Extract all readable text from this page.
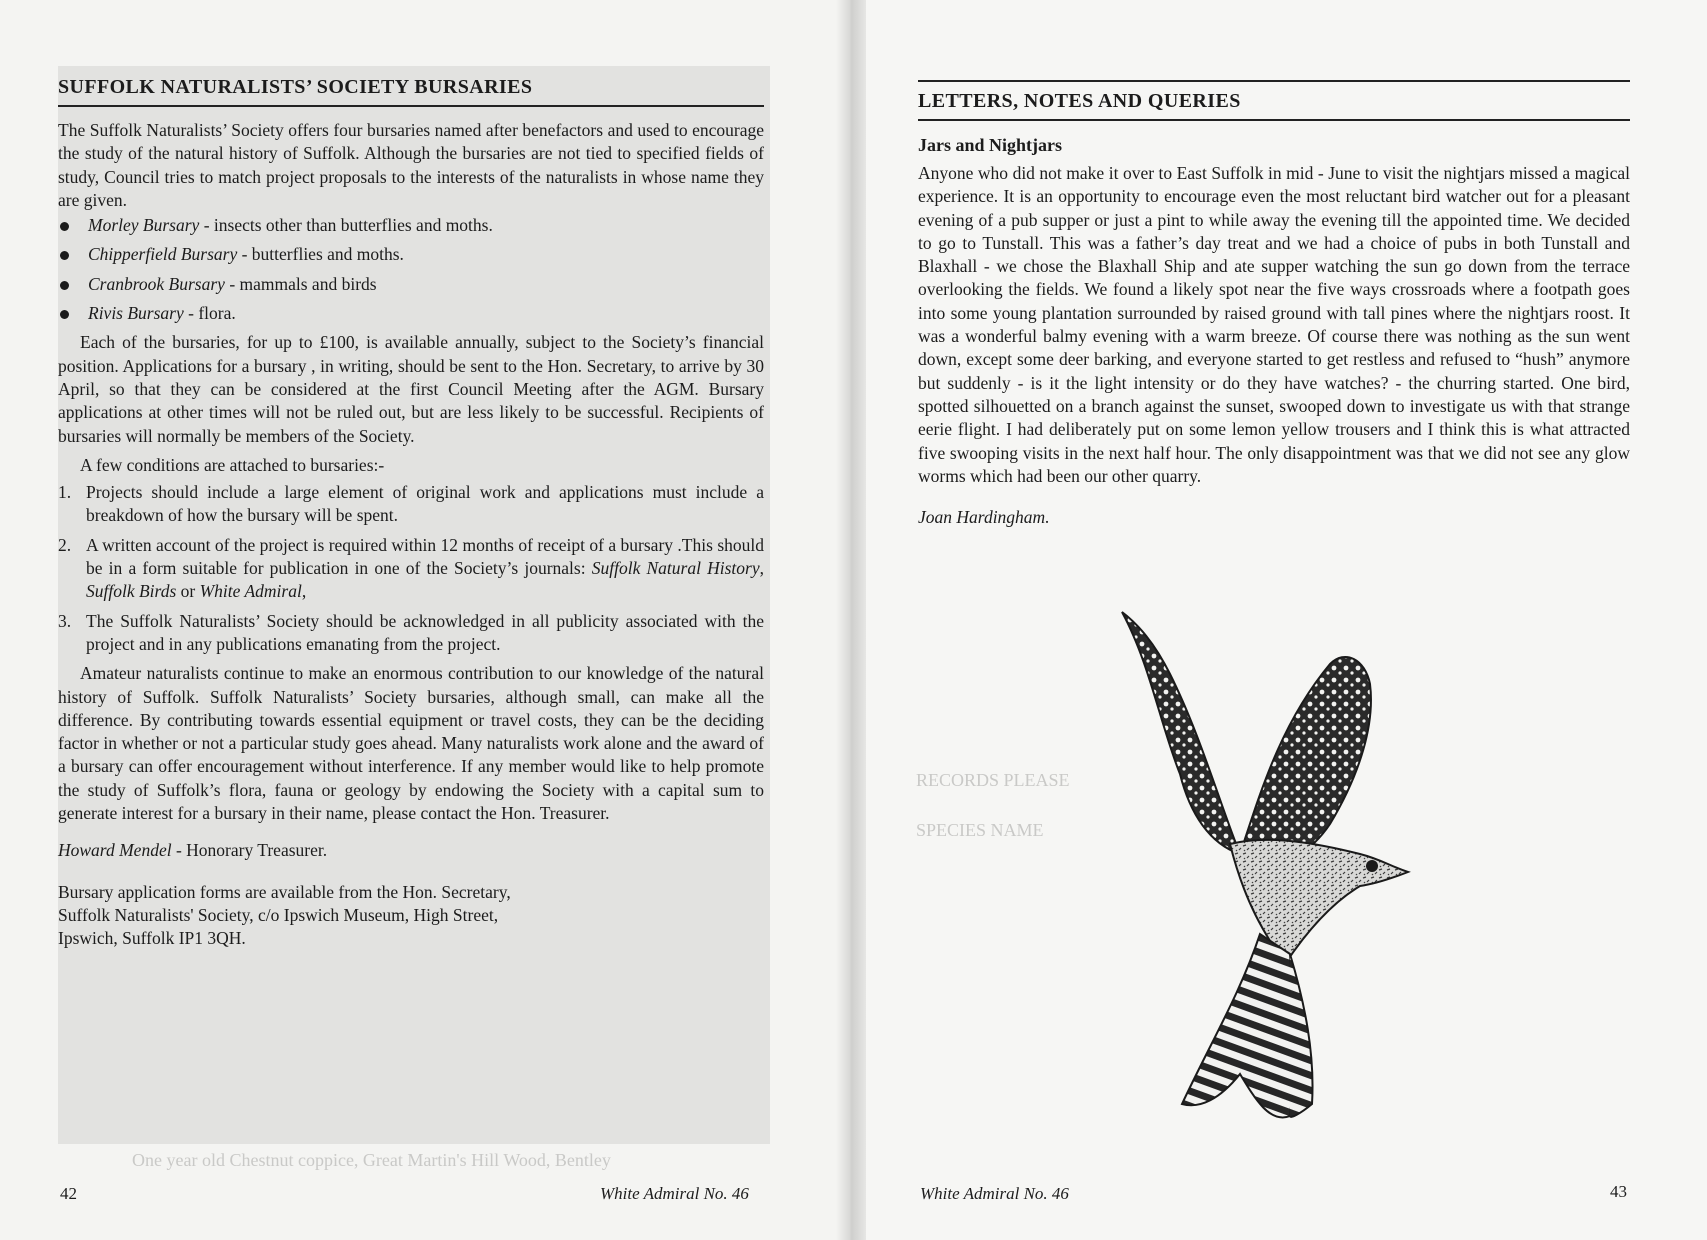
One year old Chestnut coppice, Great Martin's Hill Wood, Bentley
RECORDS PLEASE
SPECIES NAME
SUFFOLK NATURALISTS’ SOCIETY BURSARIES

The Suffolk Naturalists’ Society offers four bursaries named after benefactors and used to encourage the study of the natural history of Suffolk. Although the bursaries are not tied to specified fields of study, Council tries to match project proposals to the interests of the naturalists in whose name they are given.

Morley Bursary - insects other than butterflies and moths.
Chipperfield Bursary - butterflies and moths.
Cranbrook Bursary - mammals and birds
Rivis Bursary - flora.

Each of the bursaries, for up to £100, is available annually, subject to the Society’s financial position. Applications for a bursary , in writing, should be sent to the Hon. Secretary, to arrive by 30 April, so that they can be considered at the first Council Meeting after the AGM. Bursary applications at other times will not be ruled out, but are less likely to be successful. Recipients of bursaries will normally be members of the Society.

A few conditions are attached to bursaries:-

1. Projects should include a large element of original work and applications must include a breakdown of how the bursary will be spent.
2. A written account of the project is required within 12 months of receipt of a bursary .This should be in a form suitable for publication in one of the Society’s journals: Suffolk Natural History, Suffolk Birds or White Admiral,
3. The Suffolk Naturalists’ Society should be acknowledged in all publicity associated with the project and in any publications emanating from the project.

Amateur naturalists continue to make an enormous contribution to our knowledge of the natural history of Suffolk. Suffolk Naturalists’ Society bursaries, although small, can make all the difference. By contributing towards essential equipment or travel costs, they can be the deciding factor in whether or not a particular study goes ahead. Many naturalists work alone and the award of a bursary can offer encouragement without interference. If any member would like to help promote the study of Suffolk’s flora, fauna or geology by endowing the Society with a capital sum to generate interest for a bursary in their name, please contact the Hon. Treasurer.

Howard Mendel - Honorary Treasurer.

Bursary application forms are available from the Hon. Secretary,

Suffolk Naturalists' Society, c/o Ipswich Museum, High Street,

Ipswich, Suffolk IP1 3QH.

42	White Admiral No. 46
LETTERS, NOTES AND QUERIES
Jars and Nightjars

Anyone who did not make it over to East Suffolk in mid - June to visit the nightjars missed a magical experience. It is an opportunity to encourage even the most reluctant bird watcher out for a pleasant evening of a pub supper or just a pint to while away the evening till the appointed time. We decided to go to Tunstall. This was a father’s day treat and we had a choice of pubs in both Tunstall and Blaxhall - we chose the Blaxhall Ship and ate supper watching the sun go down from the terrace overlooking the fields. We found a likely spot near the five ways crossroads where a footpath goes into some young plantation surrounded by raised ground with tall pines where the nightjars roost. It was a wonderful balmy evening with a warm breeze. Of course there was nothing as the sun went down, except some deer barking, and everyone started to get restless and refused to “hush” anymore but suddenly - is it the light intensity or do they have watches? - the churring started. One bird, spotted silhouetted on a branch against the sunset, swooped down to investigate us with that strange eerie flight. I had deliberately put on some lemon yellow trousers and I think this is what attracted five swooping visits in the next half hour. The only disappointment was that we did not see any glow worms which had been our other quarry.

Joan Hardingham.

White Admiral No. 46	43
